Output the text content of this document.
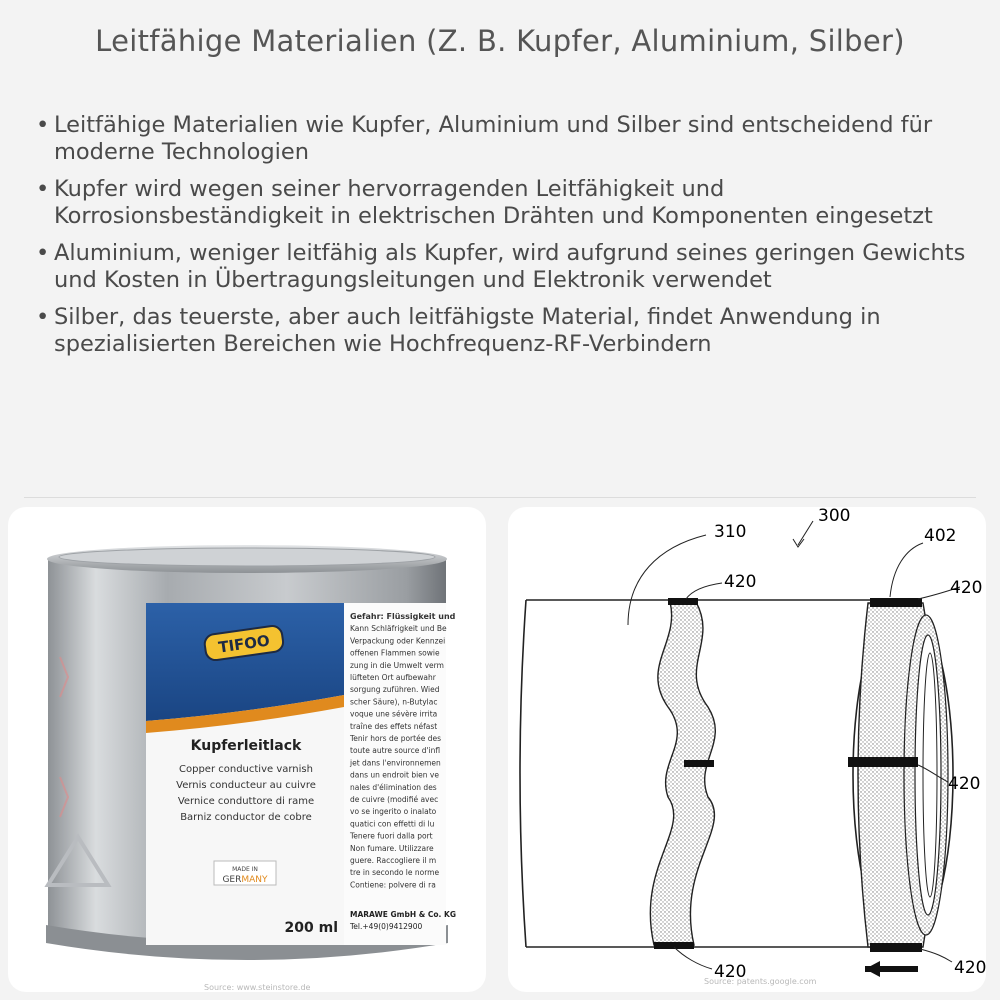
Leitfähige Materialien (Z. B. Kupfer, Aluminium, Silber)
• Leitfähige Materialien wie Kupfer, Aluminium und Silber sind entscheidend für moderne Technologien
• Kupfer wird wegen seiner hervorragenden Leitfähigkeit und Korrosionsbeständigkeit in elektrischen Drähten und Komponenten eingesetzt
• Aluminium, weniger leitfähig als Kupfer, wird aufgrund seines geringen Gewichts und Kosten in Übertragungsleitungen und Elektronik verwendet
• Silber, das teuerste, aber auch leitfähigste Material, findet Anwendung in spezialisierten Bereichen wie Hochfrequenz-RF-Verbindern
TIFOO
Kupferleitlack
Copper conductive varnish
Vernis conducteur au cuivre
Vernice conduttore di rame
Barniz conductor de cobre
MADE IN
GERMANY
200 ml
Gefahr: Flüssigkeit und
Kann Schläfrigkeit und Be
Verpackung oder Kennzei
offenen Flammen sowie
zung in die Umwelt verm
lüfteten Ort aufbewahr
sorgung zuführen. Wied
scher Säure), n-Butylac
voque une sévère irrita
traîne des effets néfast
Tenir hors de portée des
toute autre source d'infl
jet dans l'environnemen
dans un endroit bien ve
nales d'élimination des
de cuivre (modifié avec
vo se ingerito o inalato
quatici con effetti di lu
Tenere fuori dalla port
Non fumare. Utilizzare
guere. Raccogliere il m
tre in secondo le norme
Contiene: polvere di ra
MARAWE GmbH & Co. KG
Tel.+49(0)9412900
Source: www.steinstore.de
310
300
420
402
420
420
420
420
Source: patents.google.com
